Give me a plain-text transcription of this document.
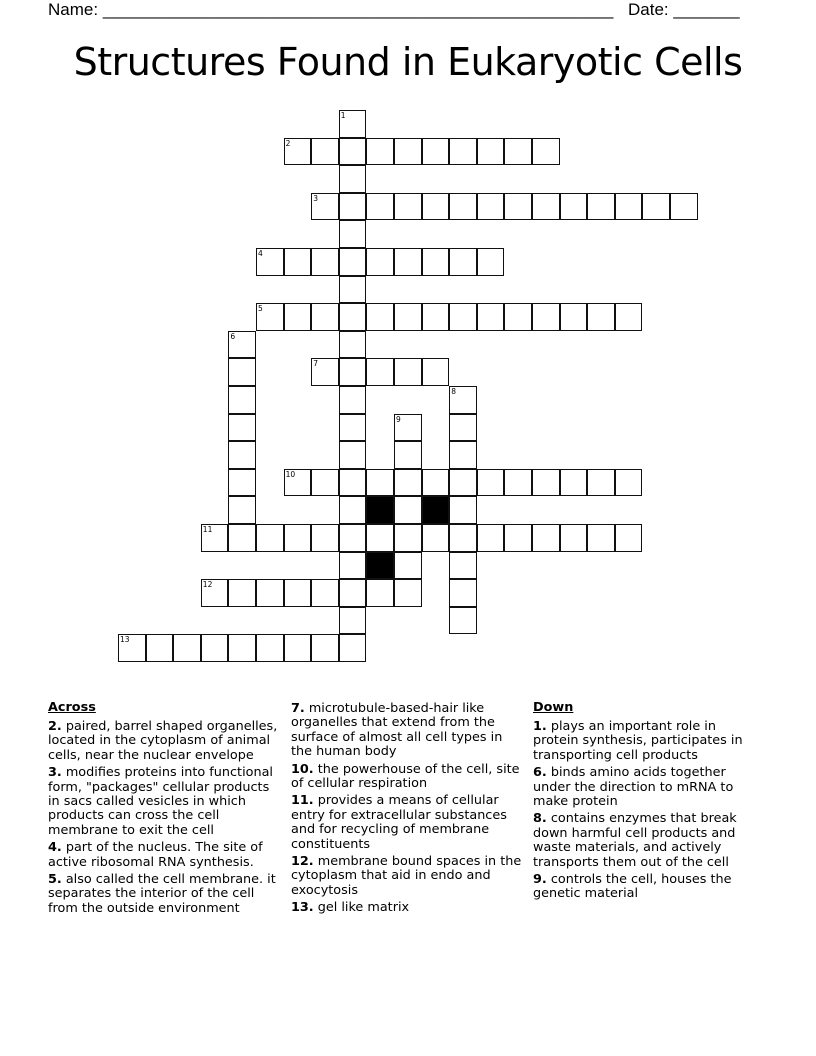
Name: ______________________________________________________ Date: _______
Structures Found in Eukaryotic Cells
1
2
3
4
5
6
7
8
9
10
11
12
13
Across
2. paired, barrel shaped organelles, located in the cytoplasm of animal cells, near the nuclear envelope
3. modifies proteins into functional form, "packages" cellular products in sacs called vesicles in which products can cross the cell membrane to exit the cell
4. part of the nucleus. The site of active ribosomal RNA synthesis.
5. also called the cell membrane. it separates the interior of the cell from the outside environment
7. microtubule-based-hair like organelles that extend from the surface of almost all cell types in the human body
10. the powerhouse of the cell, site of cellular respiration
11. provides a means of cellular entry for extracellular substances and for recycling of membrane constituents
12. membrane bound spaces in the cytoplasm that aid in endo and exocytosis
13. gel like matrix
Down
1. plays an important role in protein synthesis, participates in transporting cell products
6. binds amino acids together under the direction to mRNA to make protein
8. contains enzymes that break down harmful cell products and waste materials, and actively transports them out of the cell
9. controls the cell, houses the genetic material
